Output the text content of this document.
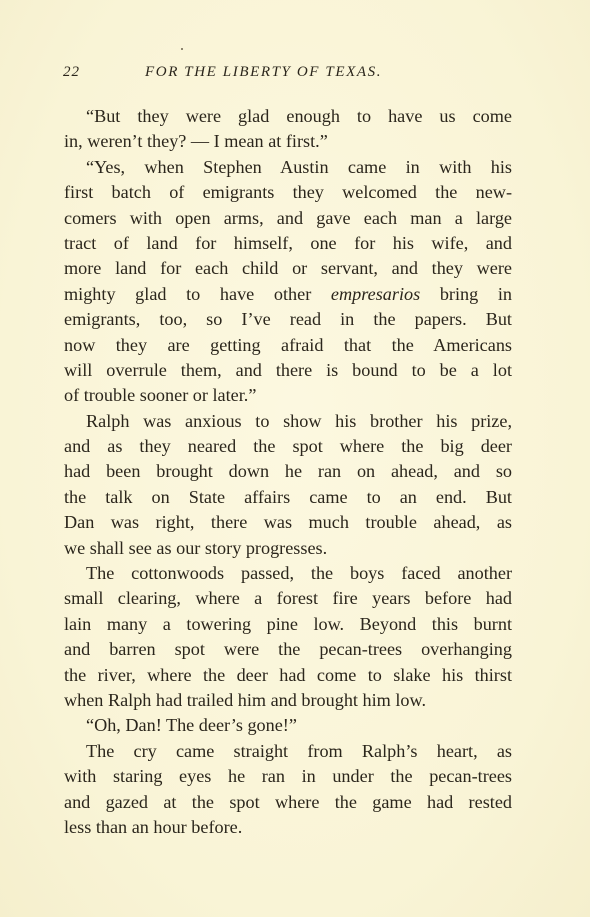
22	FOR THE LIBERTY OF TEXAS.
“But they were glad enough to have us come
in, weren’t they? — I mean at first.”
“Yes, when Stephen Austin came in with his
first batch of emigrants they welcomed the new-
comers with open arms, and gave each man a large
tract of land for himself, one for his wife, and
more land for each child or servant, and they were
mighty glad to have other empresarios bring in
emigrants, too, so I’ve read in the papers. But
now they are getting afraid that the Americans
will overrule them, and there is bound to be a lot
of trouble sooner or later.”
Ralph was anxious to show his brother his prize,
and as they neared the spot where the big deer
had been brought down he ran on ahead, and so
the talk on State affairs came to an end. But
Dan was right, there was much trouble ahead, as
we shall see as our story progresses.
The cottonwoods passed, the boys faced another
small clearing, where a forest fire years before had
lain many a towering pine low. Beyond this burnt
and barren spot were the pecan-trees overhanging
the river, where the deer had come to slake his thirst
when Ralph had trailed him and brought him low.
“Oh, Dan! The deer’s gone!”
The cry came straight from Ralph’s heart, as
with staring eyes he ran in under the pecan-trees
and gazed at the spot where the game had rested
less than an hour before.
